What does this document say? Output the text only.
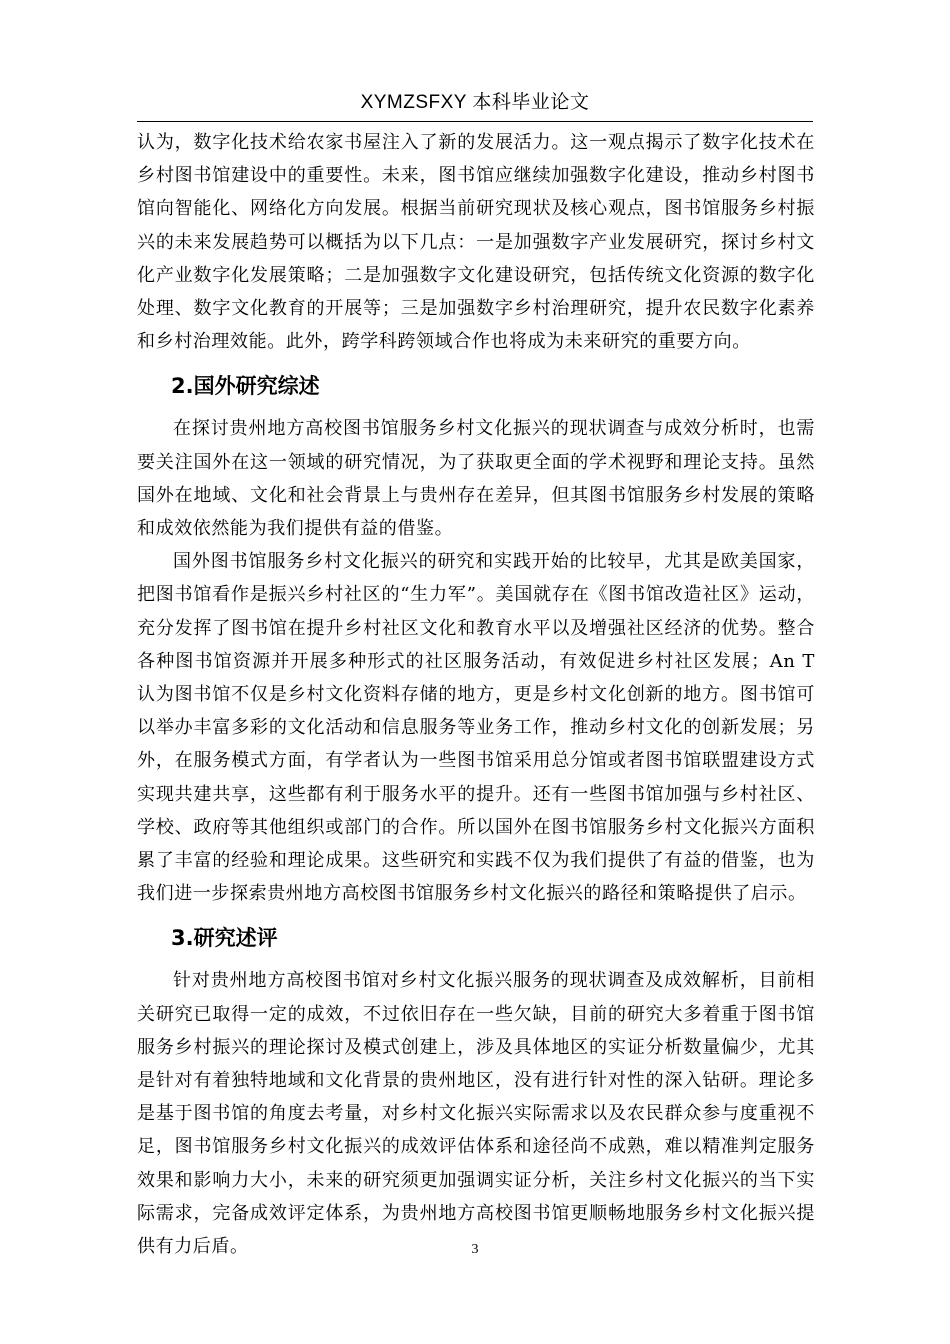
XYMZSFXY 本科毕业论文

认为，数字化技术给农家书屋注入了新的发展活力。这一观点揭示了数字化技术在乡村图书馆建设中的重要性。未来，图书馆应继续加强数字化建设，推动乡村图书馆向智能化、网络化方向发展。根据当前研究现状及核心观点，图书馆服务乡村振兴的未来发展趋势可以概括为以下几点：一是加强数字产业发展研究，探讨乡村文化产业数字化发展策略；二是加强数字文化建设研究，包括传统文化资源的数字化处理、数字文化教育的开展等；三是加强数字乡村治理研究，提升农民数字化素养和乡村治理效能。此外，跨学科跨领域合作也将成为未来研究的重要方向。

2.国外研究综述

在探讨贵州地方高校图书馆服务乡村文化振兴的现状调查与成效分析时，也需要关注国外在这一领域的研究情况，为了获取更全面的学术视野和理论支持。虽然国外在地域、文化和社会背景上与贵州存在差异，但其图书馆服务乡村发展的策略和成效依然能为我们提供有益的借鉴。

国外图书馆服务乡村文化振兴的研究和实践开始的比较早，尤其是欧美国家，把图书馆看作是振兴乡村社区的“生力军”。美国就存在《图书馆改造社区》运动，充分发挥了图书馆在提升乡村社区文化和教育水平以及增强社区经济的优势。整合各种图书馆资源并开展多种形式的社区服务活动，有效促进乡村社区发展；An T 认为图书馆不仅是乡村文化资料存储的地方，更是乡村文化创新的地方。图书馆可以举办丰富多彩的文化活动和信息服务等业务工作，推动乡村文化的创新发展；另外，在服务模式方面，有学者认为一些图书馆采用总分馆或者图书馆联盟建设方式实现共建共享，这些都有利于服务水平的提升。还有一些图书馆加强与乡村社区、学校、政府等其他组织或部门的合作。所以国外在图书馆服务乡村文化振兴方面积累了丰富的经验和理论成果。这些研究和实践不仅为我们提供了有益的借鉴，也为我们进一步探索贵州地方高校图书馆服务乡村文化振兴的路径和策略提供了启示。

3.研究述评

针对贵州地方高校图书馆对乡村文化振兴服务的现状调查及成效解析，目前相关研究已取得一定的成效，不过依旧存在一些欠缺，目前的研究大多着重于图书馆服务乡村振兴的理论探讨及模式创建上，涉及具体地区的实证分析数量偏少，尤其是针对有着独特地域和文化背景的贵州地区，没有进行针对性的深入钻研。理论多是基于图书馆的角度去考量，对乡村文化振兴实际需求以及农民群众参与度重视不足，图书馆服务乡村文化振兴的成效评估体系和途径尚不成熟，难以精准判定服务效果和影响力大小，未来的研究须更加强调实证分析，关注乡村文化振兴的当下实际需求，完备成效评定体系，为贵州地方高校图书馆更顺畅地服务乡村文化振兴提供有力后盾。	3
